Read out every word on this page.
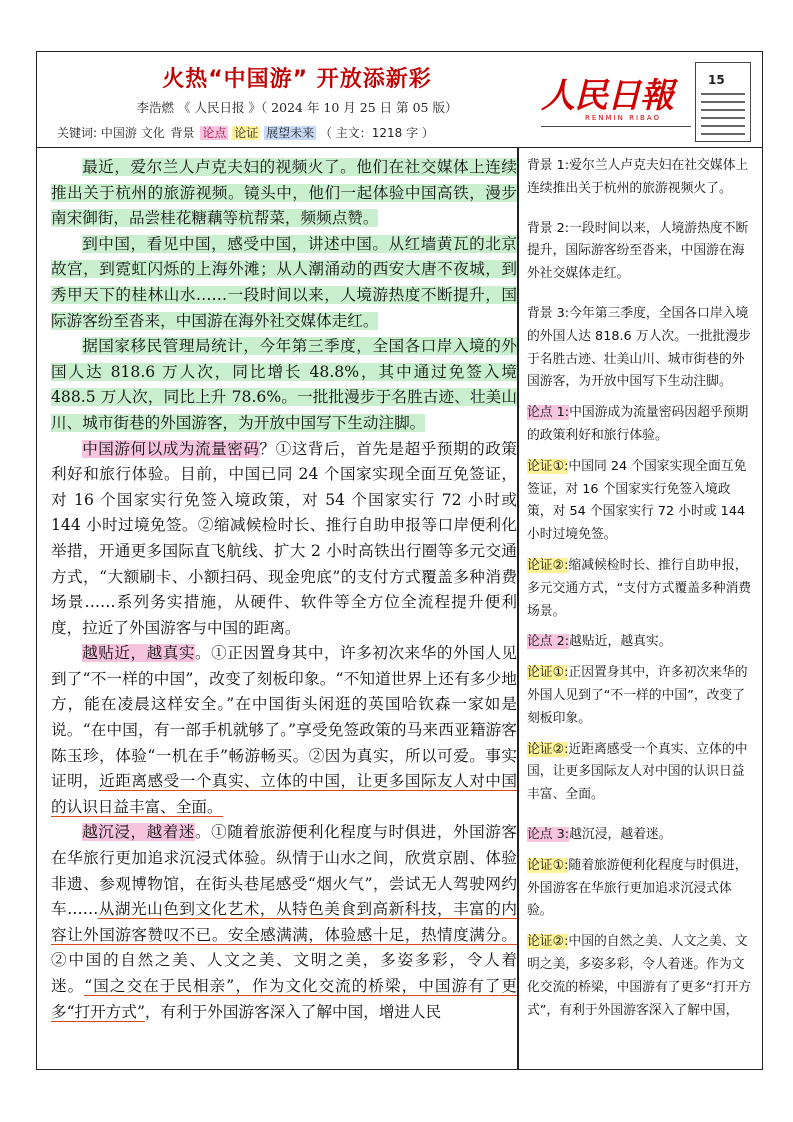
火热“中国游” 开放添新彩
李浩燃 《 人民日报 》（ 2024 年 10 月 25 日 第 05 版）
关键词: 中国游 文化 背景 论点 论证 展望未来 （ 主文：1218 字 ）
人民日報
RENMIN RIBAO
15

最近，爱尔兰人卢克夫妇的视频火了。他们在社交媒体上连续推出关于杭州的旅游视频。镜头中，他们一起体验中国高铁，漫步南宋御街，品尝桂花糖藕等杭帮菜，频频点赞。

到中国，看见中国，感受中国，讲述中国。从红墙黄瓦的北京故宫，到霓虹闪烁的上海外滩；从人潮涌动的西安大唐不夜城，到秀甲天下的桂林山水……一段时间以来，人境游热度不断提升，国际游客纷至沓来，中国游在海外社交媒体走红。

据国家移民管理局统计，今年第三季度，全国各口岸入境的外国人达 818.6 万人次，同比增长 48.8%，其中通过免签入境 488.5 万人次，同比上升 78.6%。一批批漫步于名胜古迹、壮美山川、城市街巷的外国游客，为开放中国写下生动注脚。

中国游何以成为流量密码？①这背后，首先是超乎预期的政策利好和旅行体验。目前，中国已同 24 个国家实现全面互免签证，对 16 个国家实行免签入境政策，对 54 个国家实行 72 小时或 144 小时过境免签。②缩减候检时长、推行自助申报等口岸便利化举措，开通更多国际直飞航线、扩大 2 小时高铁出行圈等多元交通方式，“大额刷卡、小额扫码、现金兜底”的支付方式覆盖多种消费场景……系列务实措施，从硬件、软件等全方位全流程提升便利度，拉近了外国游客与中国的距离。

越贴近，越真实。①正因置身其中，许多初次来华的外国人见到了“不一样的中国”，改变了刻板印象。“不知道世界上还有多少地方，能在凌晨这样安全。”在中国街头闲逛的英国哈钦森一家如是说。“在中国，有一部手机就够了。”享受免签政策的马来西亚籍游客陈玉珍，体验“一机在手”畅游畅买。②因为真实，所以可爱。事实证明，近距离感受一个真实、立体的中国，让更多国际友人对中国的认识日益丰富、全面。

越沉浸，越着迷。①随着旅游便利化程度与时俱进，外国游客在华旅行更加追求沉浸式体验。纵情于山水之间，欣赏京剧、体验非遗、参观博物馆，在街头巷尾感受“烟火气”，尝试无人驾驶网约车……从湖光山色到文化艺术，从特色美食到高新科技，丰富的内容让外国游客赞叹不已。安全感满满，体验感十足，热情度满分。②中国的自然之美、人文之美、文明之美，多姿多彩，令人着迷。“国之交在于民相亲”，作为文化交流的桥梁，中国游有了更多“打开方式”，有利于外国游客深入了解中国，增进人民

背景 1:爱尔兰人卢克夫妇在社交媒体上连续推出关于杭州的旅游视频火了。
背景 2:一段时间以来，人境游热度不断提升，国际游客纷至沓来，中国游在海外社交媒体走红。
背景 3:今年第三季度，全国各口岸入境的外国人达 818.6 万人次。一批批漫步于名胜古迹、壮美山川、城市街巷的外国游客，为开放中国写下生动注脚。
论点 1:中国游成为流量密码因超乎预期的政策利好和旅行体验。
论证①:中国同 24 个国家实现全面互免签证，对 16 个国家实行免签入境政策，对 54 个国家实行 72 小时或 144 小时过境免签。
论证②:缩减候检时长、推行自助申报，多元交通方式，“支付方式覆盖多种消费场景。
论点 2:越贴近，越真实。
论证①:正因置身其中，许多初次来华的外国人见到了“不一样的中国”，改变了刻板印象。
论证②:近距离感受一个真实、立体的中国，让更多国际友人对中国的认识日益丰富、全面。
论点 3:越沉浸，越着迷。
论证①:随着旅游便利化程度与时俱进，外国游客在华旅行更加追求沉浸式体验。
论证②:中国的自然之美、人文之美、文明之美，多姿多彩，令人着迷。作为文化交流的桥梁，中国游有了更多“打开方式”，有利于外国游客深入了解中国，
